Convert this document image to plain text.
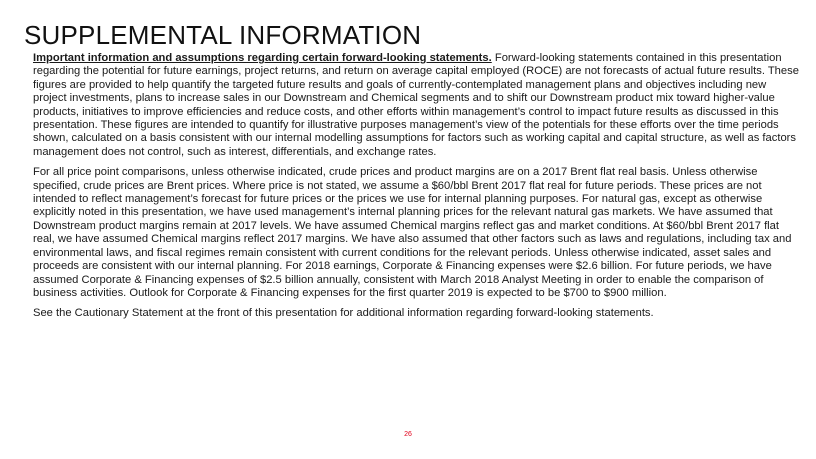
SUPPLEMENTAL INFORMATION

Important information and assumptions regarding certain forward-looking statements. Forward-looking statements contained in this presentation regarding the potential for future earnings, project returns, and return on average capital employed (ROCE) are not forecasts of actual future results. These figures are provided to help quantify the targeted future results and goals of currently-contemplated management plans and objectives including new project investments, plans to increase sales in our Downstream and Chemical segments and to shift our Downstream product mix toward higher-value products, initiatives to improve efficiencies and reduce costs, and other efforts within management’s control to impact future results as discussed in this presentation. These figures are intended to quantify for illustrative purposes management’s view of the potentials for these efforts over the time periods shown, calculated on a basis consistent with our internal modelling assumptions for factors such as working capital and capital structure, as well as factors management does not control, such as interest, differentials, and exchange rates.

For all price point comparisons, unless otherwise indicated, crude prices and product margins are on a 2017 Brent flat real basis. Unless otherwise specified, crude prices are Brent prices. Where price is not stated, we assume a $60/bbl Brent 2017 flat real for future periods. These prices are not intended to reflect management’s forecast for future prices or the prices we use for internal planning purposes. For natural gas, except as otherwise explicitly noted in this presentation, we have used management’s internal planning prices for the relevant natural gas markets. We have assumed that Downstream product margins remain at 2017 levels. We have assumed Chemical margins reflect gas and market conditions. At $60/bbl Brent 2017 flat real, we have assumed Chemical margins reflect 2017 margins. We have also assumed that other factors such as laws and regulations, including tax and environmental laws, and fiscal regimes remain consistent with current conditions for the relevant periods. Unless otherwise indicated, asset sales and proceeds are consistent with our internal planning. For 2018 earnings, Corporate & Financing expenses were $2.6 billion. For future periods, we have assumed Corporate & Financing expenses of $2.5 billion annually, consistent with March 2018 Analyst Meeting in order to enable the comparison of business activities. Outlook for Corporate & Financing expenses for the first quarter 2019 is expected to be $700 to $900 million.

See the Cautionary Statement at the front of this presentation for additional information regarding forward-looking statements.

26
